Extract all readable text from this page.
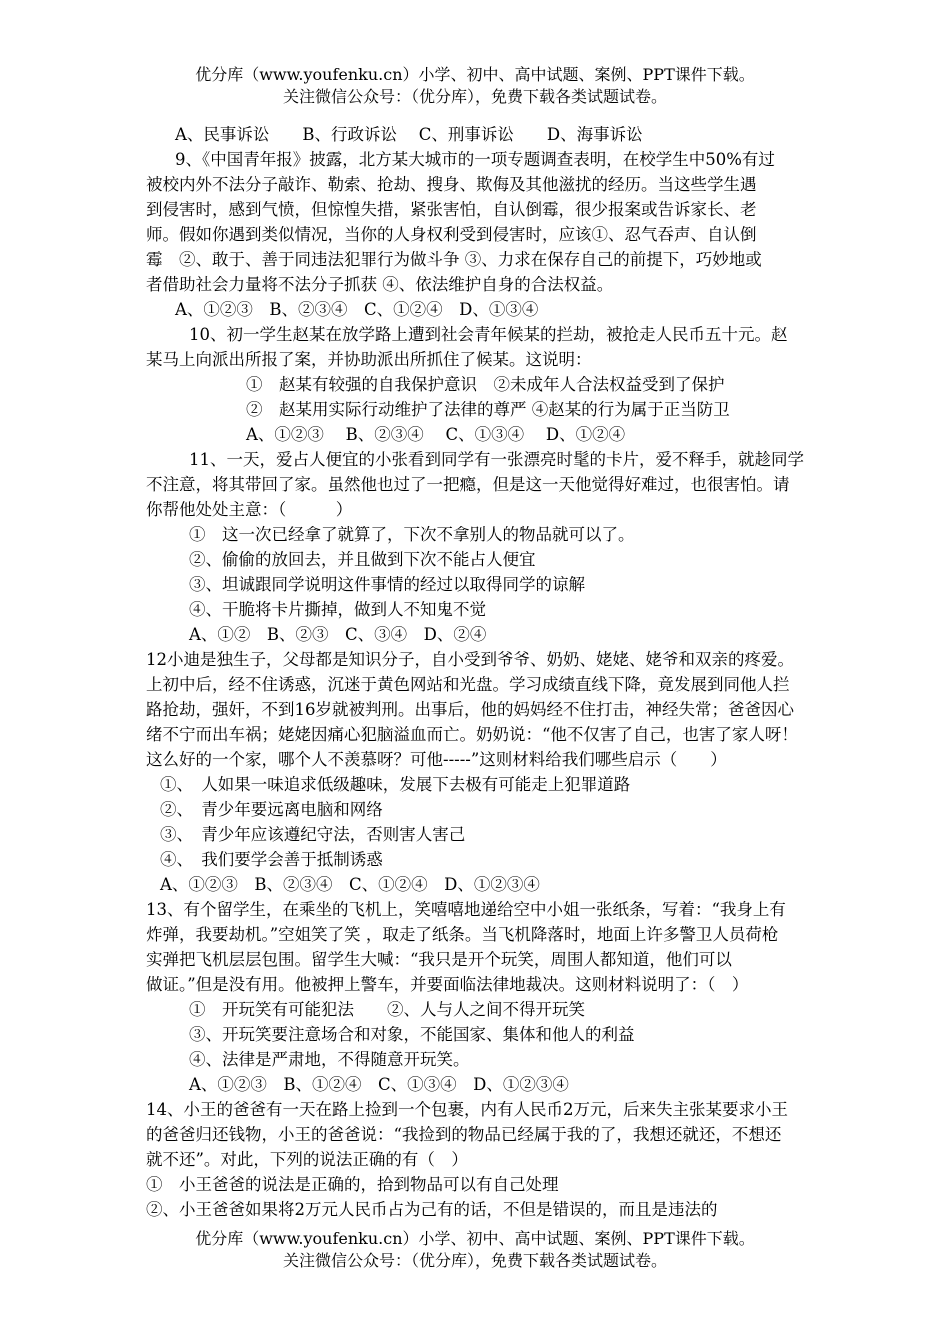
优分库（www.youfenku.cn）小学、初中、高中试题、案例、PPT课件下载。
关注微信公众号：（优分库），免费下载各类试题试卷。
A、民事诉讼　　B、行政诉讼　 C、刑事诉讼　　D、海事诉讼
9、《中国青年报》披露，北方某大城市的一项专题调查表明，在校学生中50%有过
被校内外不法分子敲诈、勒索、抢劫、搜身、欺侮及其他滋扰的经历。当这些学生遇
到侵害时，感到气愤，但惊惶失措，紧张害怕，自认倒霉，很少报案或告诉家长、老
师。假如你遇到类似情况，当你的人身权利受到侵害时，应该①、忍气吞声、自认倒
霉　②、敢于、善于同违法犯罪行为做斗争 ③、力求在保存自己的前提下，巧妙地或
者借助社会力量将不法分子抓获 ④、依法维护自身的合法权益。
A、①②③　B、②③④　C、①②④　D、①③④
10、初一学生赵某在放学路上遭到社会青年候某的拦劫，被抢走人民币五十元。赵
某马上向派出所报了案，并协助派出所抓住了候某。这说明：
①　赵某有较强的自我保护意识　②未成年人合法权益受到了保护
②　赵某用实际行动维护了法律的尊严 ④赵某的行为属于正当防卫
A、①②③　 B、②③④　 C、①③④　 D、①②④
11、一天，爱占人便宜的小张看到同学有一张漂亮时髦的卡片，爱不释手，就趁同学
不注意，将其带回了家。虽然他也过了一把瘾，但是这一天他觉得好难过，也很害怕。请
你帮他处处主意：（　　　）
①　这一次已经拿了就算了，下次不拿别人的物品就可以了。
②、偷偷的放回去，并且做到下次不能占人便宜
③、坦诚跟同学说明这件事情的经过以取得同学的谅解
④、干脆将卡片撕掉，做到人不知鬼不觉
A、①②　B、②③　C、③④　D、②④
12小迪是独生子，父母都是知识分子，自小受到爷爷、奶奶、姥姥、姥爷和双亲的疼爱。
上初中后，经不住诱惑，沉迷于黄色网站和光盘。学习成绩直线下降，竟发展到同他人拦
路抢劫，强奸，不到16岁就被判刑。出事后，他的妈妈经不住打击，神经失常；爸爸因心
绪不宁而出车祸；姥姥因痛心犯脑溢血而亡。奶奶说：“他不仅害了自己，也害了家人呀！
这么好的一个家，哪个人不羡慕呀？可他-----”这则材料给我们哪些启示（　　）
①、　人如果一味追求低级趣味，发展下去极有可能走上犯罪道路
②、　青少年要远离电脑和网络
③、　青少年应该遵纪守法，否则害人害己
④、　我们要学会善于抵制诱惑
A、①②③　B、②③④　C、①②④　D、①②③④
13、有个留学生，在乘坐的飞机上，笑嘻嘻地递给空中小姐一张纸条，写着：“我身上有
炸弹，我要劫机。”空姐笑了笑 ，取走了纸条。当飞机降落时，地面上许多警卫人员荷枪
实弹把飞机层层包围。留学生大喊：“我只是开个玩笑，周围人都知道，他们可以
做证。”但是没有用。他被押上警车，并要面临法律地裁决。这则材料说明了：（　）
①　开玩笑有可能犯法　　②、人与人之间不得开玩笑
③、开玩笑要注意场合和对象，不能国家、集体和他人的利益
④、法律是严肃地，不得随意开玩笑。
A、①②③　B、①②④　C、①③④　D、①②③④
14、小王的爸爸有一天在路上捡到一个包裹，内有人民币2万元，后来失主张某要求小王
的爸爸归还钱物，小王的爸爸说：“我捡到的物品已经属于我的了，我想还就还，不想还
就不还”。对此，下列的说法正确的有（　）
①　小王爸爸的说法是正确的，拾到物品可以有自己处理
②、小王爸爸如果将2万元人民币占为己有的话，不但是错误的，而且是违法的
优分库（www.youfenku.cn）小学、初中、高中试题、案例、PPT课件下载。
关注微信公众号：（优分库），免费下载各类试题试卷。
